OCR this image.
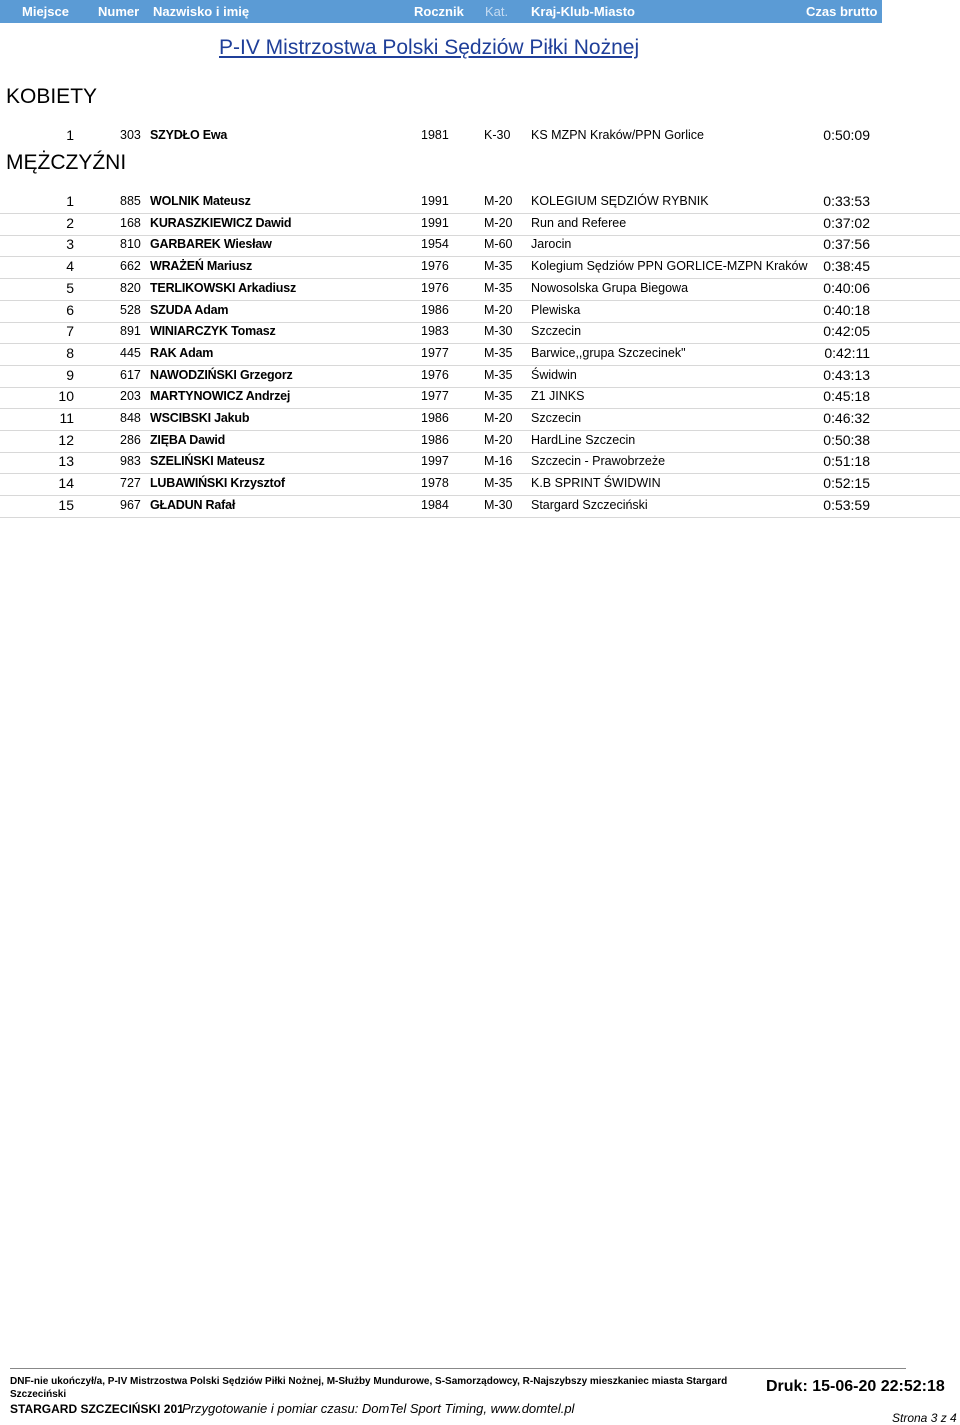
Miejsce Numer Nazwisko i imię	Rocznik Kat. Kraj-Klub-Miasto	Czas brutto
P-IV Mistrzostwa Polski Sędziów Piłki Nożnej
KOBIETY
1	303 SZYDŁO Ewa	1981	K-30 KS MZPN Kraków/PPN Gorlice	0:50:09
MĘŻCZYŹNI
1	885 WOLNIK Mateusz	1991	M-20 KOLEGIUM SĘDZIÓW RYBNIK	0:33:53
2	168 KURASZKIEWICZ Dawid	1991	M-20 Run and Referee	0:37:02
3	810 GARBAREK Wiesław	1954	M-60 Jarocin	0:37:56
4	662 WRAŻEŃ Mariusz	1976	M-35 Kolegium Sędziów PPN GORLICE-MZPN Kraków	0:38:45
5	820 TERLIKOWSKI Arkadiusz	1976	M-35 Nowosolska Grupa Biegowa	0:40:06
6	528 SZUDA Adam	1986	M-20 Plewiska	0:40:18
7	891 WINIARCZYK Tomasz	1983	M-30 Szczecin	0:42:05
8	445 RAK Adam	1977	M-35 Barwice,,grupa Szczecinek"	0:42:11
9	617 NAWODZIŃSKI Grzegorz	1976	M-35 Świdwin	0:43:13
10	203 MARTYNOWICZ Andrzej	1977	M-35 Z1 JINKS	0:45:18
11	848 WSCIBSKI Jakub	1986	M-20 Szczecin	0:46:32
12	286 ZIĘBA Dawid	1986	M-20 HardLine Szczecin	0:50:38
13	983 SZELIŃSKI Mateusz	1997	M-16 Szczecin - Prawobrzeże	0:51:18
14	727 LUBAWIŃSKI Krzysztof	1978	M-35 K.B SPRINT ŚWIDWIN	0:52:15
15	967 GŁADUN Rafał	1984	M-30 Stargard Szczeciński	0:53:59
DNF-nie ukończył/a, P-IV Mistrzostwa Polski Sędziów Piłki Nożnej, M-Służby Mundurowe, S-Samorządowcy, R-Najszybszy mieszkaniec miasta Stargard
Szczeciński	Druk: 15-06-20 22:52:18
STARGARD SZCZECIŃSKI 201
Przygotowanie i pomiar czasu: DomTel Sport Timing, www.domtel.pl
Strona 3 z 4
